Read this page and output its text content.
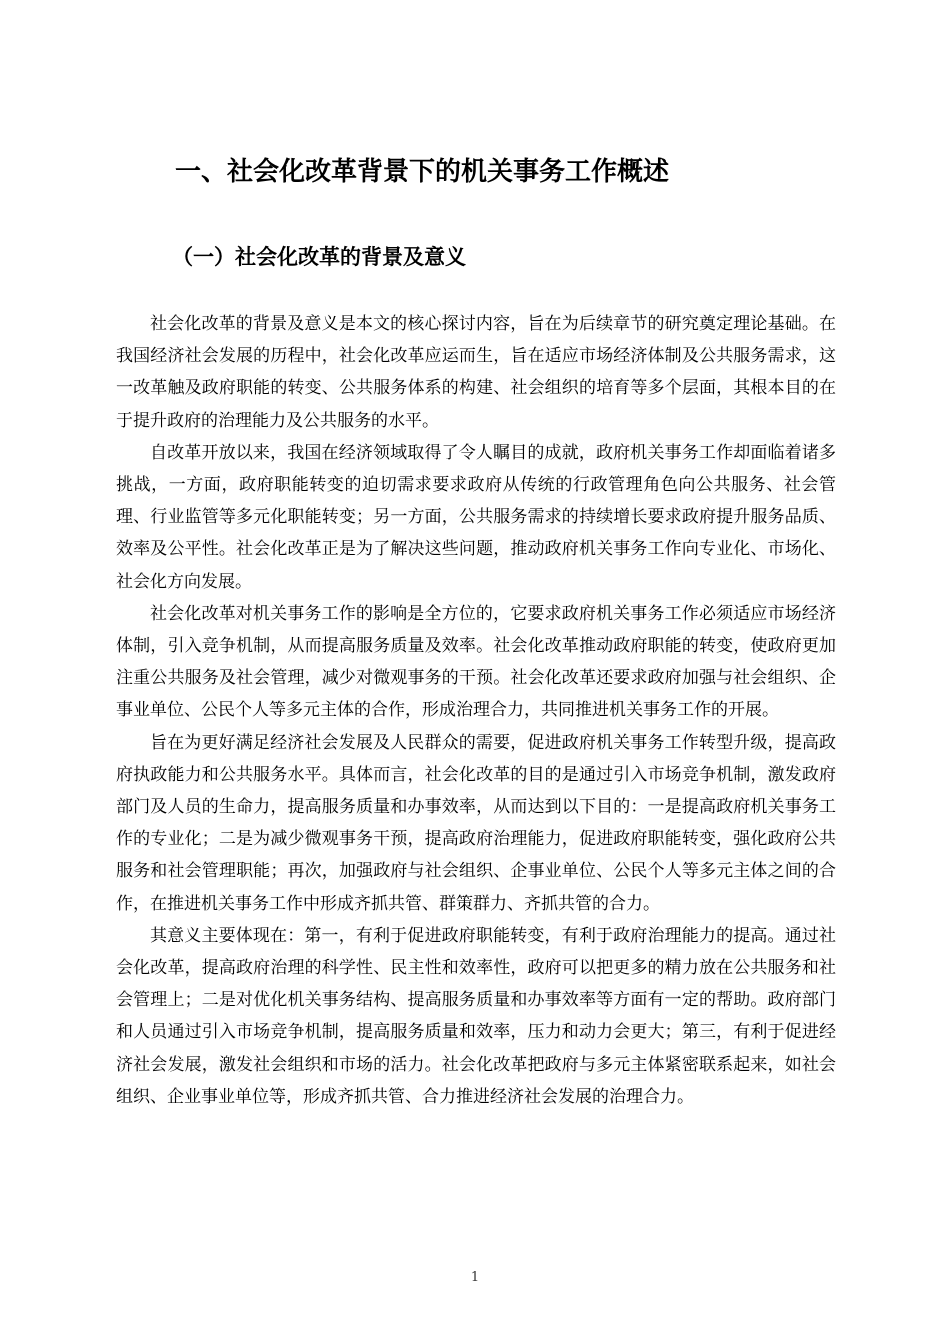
一、社会化改革背景下的机关事务工作概述
（一）社会化改革的背景及意义

社会化改革的背景及意义是本文的核心探讨内容，旨在为后续章节的研究奠定理论基础。在我国经济社会发展的历程中，社会化改革应运而生，旨在适应市场经济体制及公共服务需求，这一改革触及政府职能的转变、公共服务体系的构建、社会组织的培育等多个层面，其根本目的在于提升政府的治理能力及公共服务的水平。

自改革开放以来，我国在经济领域取得了令人瞩目的成就，政府机关事务工作却面临着诸多挑战，一方面，政府职能转变的迫切需求要求政府从传统的行政管理角色向公共服务、社会管理、行业监管等多元化职能转变；另一方面，公共服务需求的持续增长要求政府提升服务品质、效率及公平性。社会化改革正是为了解决这些问题，推动政府机关事务工作向专业化、市场化、社会化方向发展。

社会化改革对机关事务工作的影响是全方位的，它要求政府机关事务工作必须适应市场经济体制，引入竞争机制，从而提高服务质量及效率。社会化改革推动政府职能的转变，使政府更加注重公共服务及社会管理，减少对微观事务的干预。社会化改革还要求政府加强与社会组织、企事业单位、公民个人等多元主体的合作，形成治理合力，共同推进机关事务工作的开展。

旨在为更好满足经济社会发展及人民群众的需要，促进政府机关事务工作转型升级，提高政府执政能力和公共服务水平。具体而言，社会化改革的目的是通过引入市场竞争机制，激发政府部门及人员的生命力，提高服务质量和办事效率，从而达到以下目的：一是提高政府机关事务工作的专业化；二是为减少微观事务干预，提高政府治理能力，促进政府职能转变，强化政府公共服务和社会管理职能；再次，加强政府与社会组织、企事业单位、公民个人等多元主体之间的合作，在推进机关事务工作中形成齐抓共管、群策群力、齐抓共管的合力。

其意义主要体现在：第一，有利于促进政府职能转变，有利于政府治理能力的提高。通过社会化改革，提高政府治理的科学性、民主性和效率性，政府可以把更多的精力放在公共服务和社会管理上；二是对优化机关事务结构、提高服务质量和办事效率等方面有一定的帮助。政府部门和人员通过引入市场竞争机制，提高服务质量和效率，压力和动力会更大；第三，有利于促进经济社会发展，激发社会组织和市场的活力。社会化改革把政府与多元主体紧密联系起来，如社会组织、企业事业单位等，形成齐抓共管、合力推进经济社会发展的治理合力。

1
